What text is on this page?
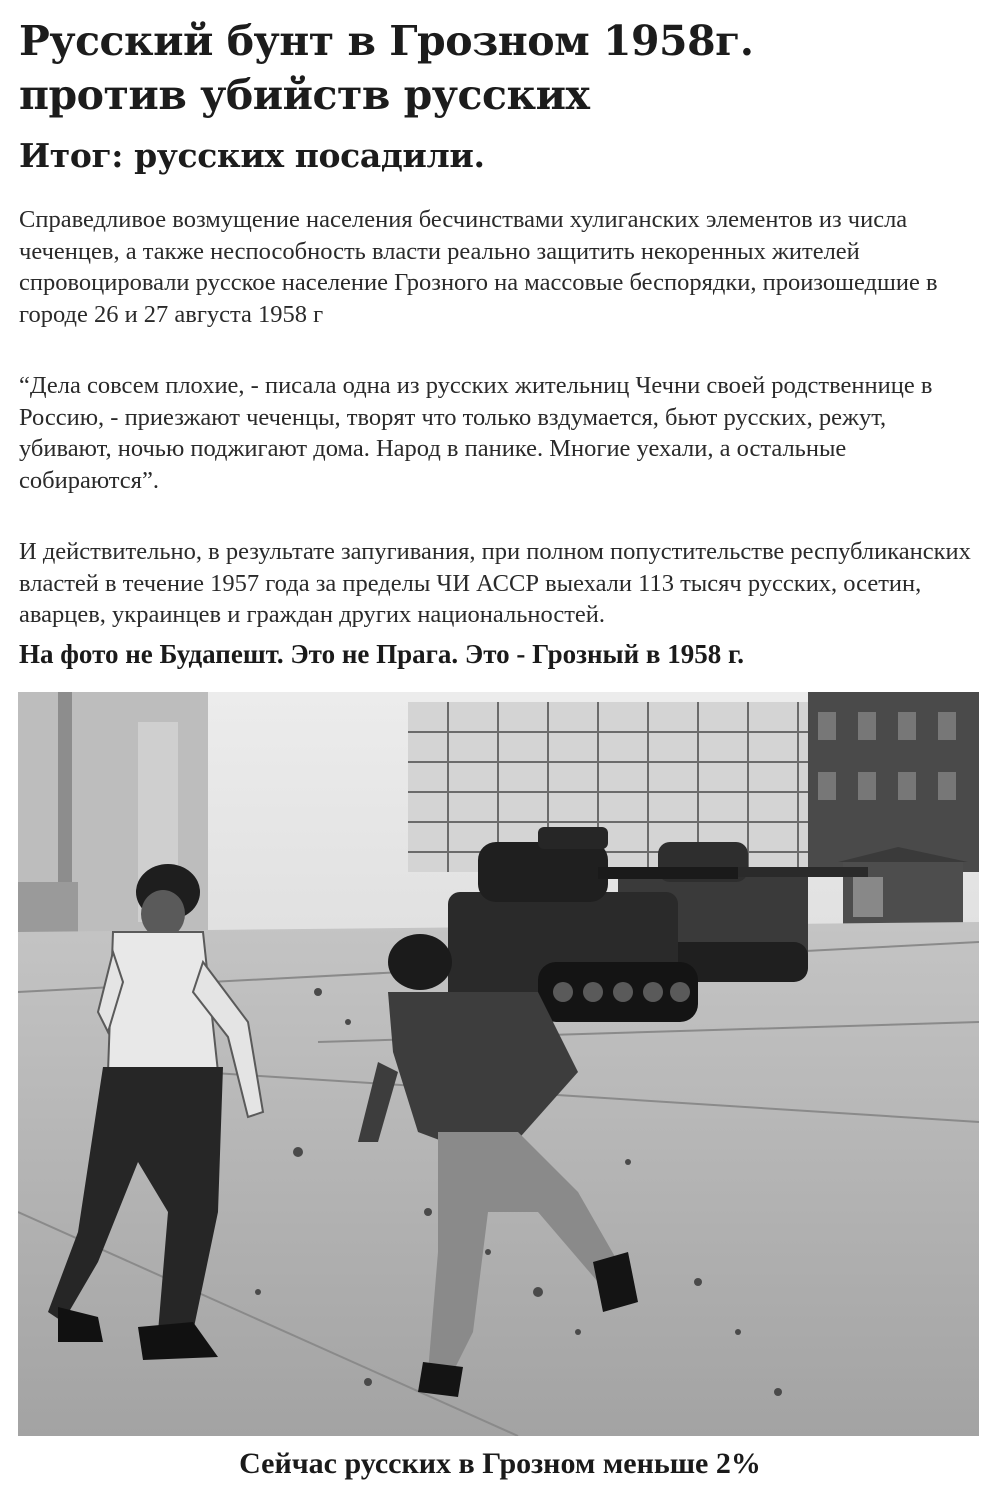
Русский бунт в Грозном 1958г.
против убийств русских
Итог: русских посадили.

Справедливое возмущение населения бесчинствами хулиганских элементов из числа чеченцев, а также неспособность власти реально защитить некоренных жителей спровоцировали русское население Грозного на массовые беспорядки, произошедшие в городе 26 и 27 августа 1958 г

“Дела совсем плохие, - писала одна из русских жительниц Чечни своей родственнице в Россию, - приезжают чеченцы, творят что только вздумается, бьют русских, режут, убивают, ночью поджигают дома. Народ в панике. Многие уехали, а остальные собираются”.

И действительно, в результате запугивания, при полном попустительстве республиканских властей в течение 1957 года за пределы ЧИ АССР выехали 113 тысяч русских, осетин, аварцев, украинцев и граждан других национальностей.

На фото не Будапешт. Это не Прага. Это - Грозный в 1958 г.

Сейчас русских в Грозном меньше 2%
